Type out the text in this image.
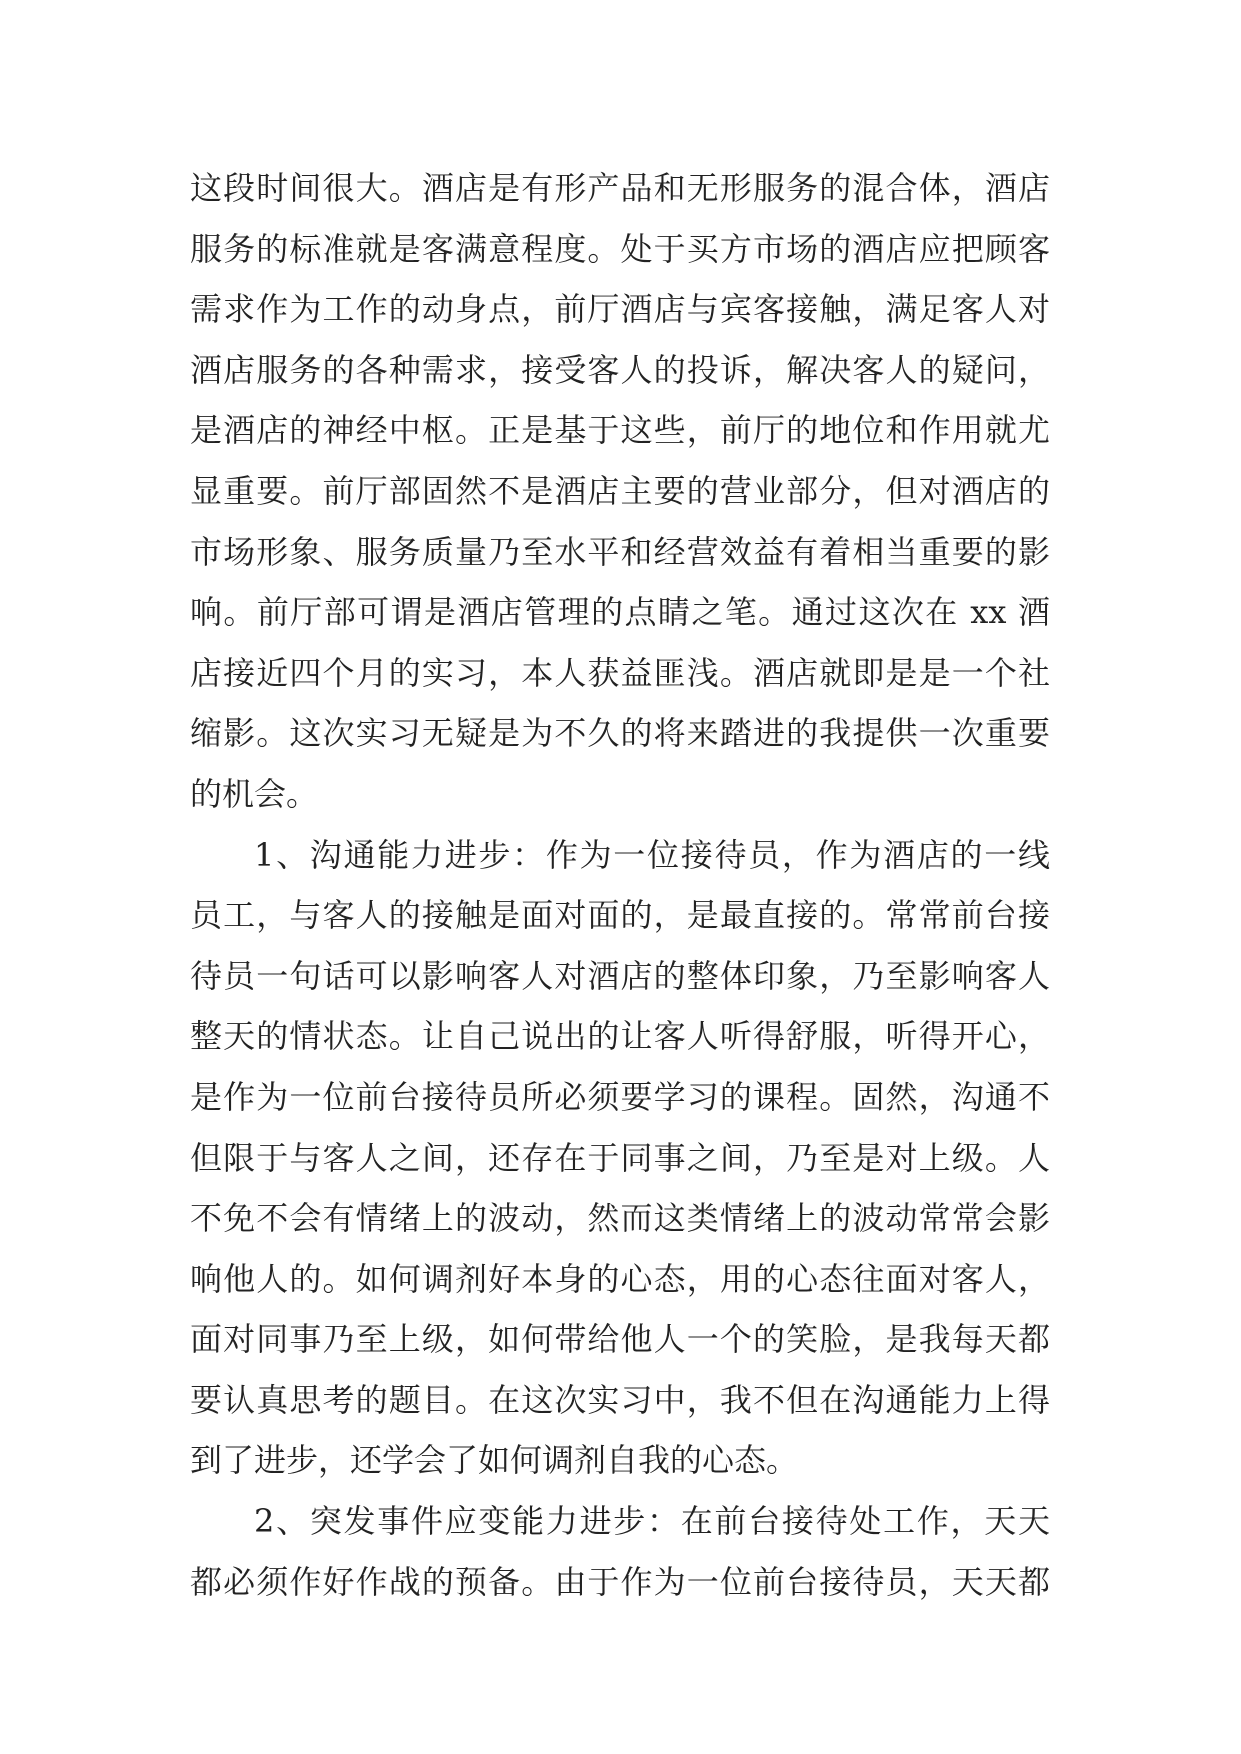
这段时间很大。酒店是有形产品和无形服务的混合体，酒店
服务的标准就是客满意程度。处于买方市场的酒店应把顾客
需求作为工作的动身点，前厅酒店与宾客接触，满足客人对
酒店服务的各种需求，接受客人的投诉，解决客人的疑问，
是酒店的神经中枢。正是基于这些，前厅的地位和作用就尤
显重要。前厅部固然不是酒店主要的营业部分，但对酒店的
市场形象、服务质量乃至水平和经营效益有着相当重要的影
响。前厅部可谓是酒店管理的点睛之笔。通过这次在 xx 酒
店接近四个月的实习，本人获益匪浅。酒店就即是是一个社
缩影。这次实习无疑是为不久的将来踏进的我提供一次重要
的机会。
1、沟通能力进步：作为一位接待员，作为酒店的一线
员工，与客人的接触是面对面的，是最直接的。常常前台接
待员一句话可以影响客人对酒店的整体印象，乃至影响客人
整天的情状态。让自己说出的让客人听得舒服，听得开心，
是作为一位前台接待员所必须要学习的课程。固然，沟通不
但限于与客人之间，还存在于同事之间，乃至是对上级。人
不免不会有情绪上的波动，然而这类情绪上的波动常常会影
响他人的。如何调剂好本身的心态，用的心态往面对客人，
面对同事乃至上级，如何带给他人一个的笑脸，是我每天都
要认真思考的题目。在这次实习中，我不但在沟通能力上得
到了进步，还学会了如何调剂自我的心态。
2、突发事件应变能力进步：在前台接待处工作，天天
都必须作好作战的预备。由于作为一位前台接待员，天天都
